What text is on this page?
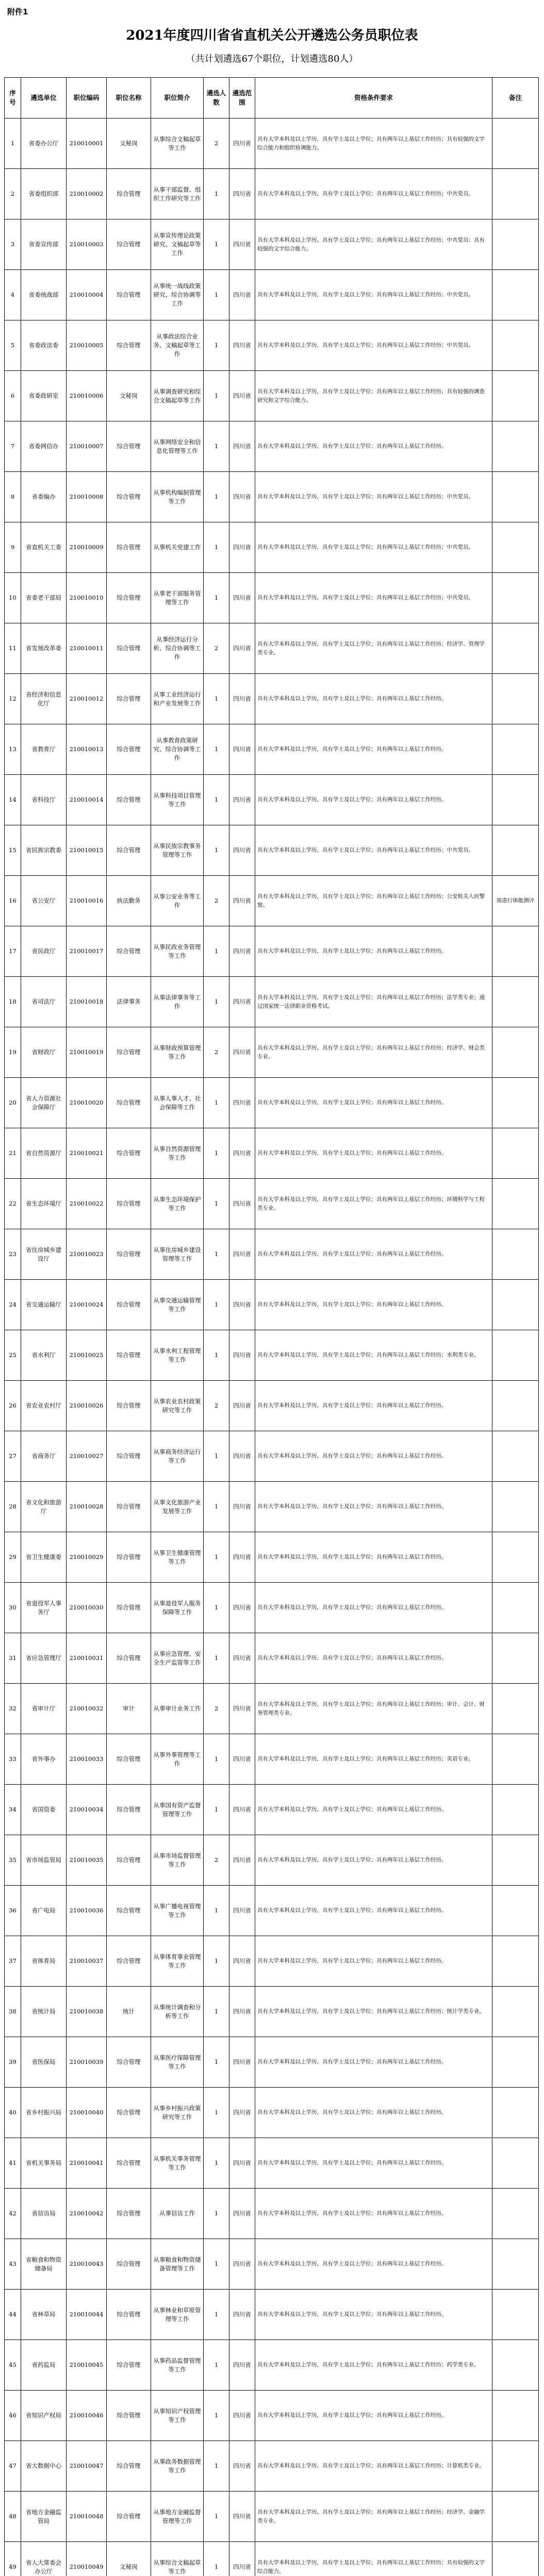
附件1
2021年度四川省省直机关公开遴选公务员职位表
（共计划遴选67个职位，计划遴选80人）
序号	遴选单位	职位编码	职位名称	职位简介	遴选人数	遴选范围	资格条件要求	备注
1	省委办公厅	210010001	文秘岗	从事综合文稿起草等工作	2	四川省	具有大学本科及以上学历，具有学士及以上学位；具有两年以上基层工作经历；具有较强的文字综合能力和组织协调能力。	
2	省委组织部	210010002	综合管理	从事干部监督、组织工作研究等工作	1	四川省	具有大学本科及以上学历，具有学士及以上学位；具有两年以上基层工作经历；中共党员。	
3	省委宣传部	210010003	综合管理	从事宣传理论政策研究、文稿起草等工作	1	四川省	具有大学本科及以上学历，具有学士及以上学位；具有两年以上基层工作经历；中共党员；具有较强的文字综合能力。	
4	省委统战部	210010004	综合管理	从事统一战线政策研究、综合协调等工作	1	四川省	具有大学本科及以上学历，具有学士及以上学位；具有两年以上基层工作经历；中共党员。	
5	省委政法委	210010005	综合管理	从事政法综合业务、文稿起草等工作	1	四川省	具有大学本科及以上学历，具有学士及以上学位；具有两年以上基层工作经历；中共党员。	
6	省委政研室	210010006	文秘岗	从事调查研究和综合文稿起草等工作	1	四川省	具有大学本科及以上学历，具有学士及以上学位；具有两年以上基层工作经历；具有较强的调查研究和文字综合能力。	
7	省委网信办	210010007	综合管理	从事网络安全和信息化管理等工作	1	四川省	具有大学本科及以上学历，具有学士及以上学位；具有两年以上基层工作经历。	
8	省委编办	210010008	综合管理	从事机构编制管理等工作	1	四川省	具有大学本科及以上学历，具有学士及以上学位；具有两年以上基层工作经历；中共党员。	
9	省直机关工委	210010009	综合管理	从事机关党建工作	1	四川省	具有大学本科及以上学历，具有学士及以上学位；具有两年以上基层工作经历；中共党员。	
10	省委老干部局	210010010	综合管理	从事老干部服务管理等工作	1	四川省	具有大学本科及以上学历，具有学士及以上学位；具有两年以上基层工作经历；中共党员。	
11	省发展改革委	210010011	综合管理	从事经济运行分析、综合协调等工作	2	四川省	具有大学本科及以上学历，具有学士及以上学位；具有两年以上基层工作经历；经济学、管理学类专业。	
12	省经济和信息化厅	210010012	综合管理	从事工业经济运行和产业发展等工作	1	四川省	具有大学本科及以上学历，具有学士及以上学位；具有两年以上基层工作经历。	
13	省教育厅	210010013	综合管理	从事教育政策研究、综合协调等工作	1	四川省	具有大学本科及以上学历，具有学士及以上学位；具有两年以上基层工作经历。	
14	省科技厅	210010014	综合管理	从事科技项目管理等工作	1	四川省	具有大学本科及以上学历，具有学士及以上学位；具有两年以上基层工作经历。	
15	省民族宗教委	210010015	综合管理	从事民族宗教事务管理等工作	1	四川省	具有大学本科及以上学历，具有学士及以上学位；具有两年以上基层工作经历；中共党员。	
16	省公安厅	210010016	执法勤务	从事公安业务等工作	2	四川省	具有大学本科及以上学历，具有学士及以上学位；具有两年以上基层工作经历；公安机关人民警察。	需进行体能测评
17	省民政厅	210010017	综合管理	从事民政业务管理等工作	1	四川省	具有大学本科及以上学历，具有学士及以上学位；具有两年以上基层工作经历。	
18	省司法厅	210010018	法律事务	从事法律事务等工作	1	四川省	具有大学本科及以上学历，具有学士及以上学位；具有两年以上基层工作经历；法学类专业；通过国家统一法律职业资格考试。	
19	省财政厅	210010019	综合管理	从事财政预算管理等工作	2	四川省	具有大学本科及以上学历，具有学士及以上学位；具有两年以上基层工作经历；经济学、财会类专业。	
20	省人力资源社会保障厅	210010020	综合管理	从事人事人才、社会保障等工作	1	四川省	具有大学本科及以上学历，具有学士及以上学位；具有两年以上基层工作经历。	
21	省自然资源厅	210010021	综合管理	从事自然资源管理等工作	1	四川省	具有大学本科及以上学历，具有学士及以上学位；具有两年以上基层工作经历。	
22	省生态环境厅	210010022	综合管理	从事生态环境保护等工作	1	四川省	具有大学本科及以上学历，具有学士及以上学位；具有两年以上基层工作经历；环境科学与工程类专业。	
23	省住房城乡建设厅	210010023	综合管理	从事住房城乡建设管理等工作	1	四川省	具有大学本科及以上学历，具有学士及以上学位；具有两年以上基层工作经历。	
24	省交通运输厅	210010024	综合管理	从事交通运输管理等工作	1	四川省	具有大学本科及以上学历，具有学士及以上学位；具有两年以上基层工作经历。	
25	省水利厅	210010025	综合管理	从事水利工程管理等工作	1	四川省	具有大学本科及以上学历，具有学士及以上学位；具有两年以上基层工作经历；水利类专业。	
26	省农业农村厅	210010026	综合管理	从事农业农村政策研究等工作	2	四川省	具有大学本科及以上学历，具有学士及以上学位；具有两年以上基层工作经历。	
27	省商务厅	210010027	综合管理	从事商务经济运行等工作	1	四川省	具有大学本科及以上学历，具有学士及以上学位；具有两年以上基层工作经历。	
28	省文化和旅游厅	210010028	综合管理	从事文化旅游产业发展等工作	1	四川省	具有大学本科及以上学历，具有学士及以上学位；具有两年以上基层工作经历。	
29	省卫生健康委	210010029	综合管理	从事卫生健康管理等工作	1	四川省	具有大学本科及以上学历，具有学士及以上学位；具有两年以上基层工作经历。	
30	省退役军人事务厅	210010030	综合管理	从事退役军人服务保障等工作	1	四川省	具有大学本科及以上学历，具有学士及以上学位；具有两年以上基层工作经历。	
31	省应急管理厅	210010031	综合管理	从事应急管理、安全生产监管等工作	1	四川省	具有大学本科及以上学历，具有学士及以上学位；具有两年以上基层工作经历。	
32	省审计厅	210010032	审计	从事审计业务工作	2	四川省	具有大学本科及以上学历，具有学士及以上学位；具有两年以上基层工作经历；审计、会计、财务管理类专业。	
33	省外事办	210010033	综合管理	从事外事管理等工作	1	四川省	具有大学本科及以上学历，具有学士及以上学位；具有两年以上基层工作经历；英语专业。	
34	省国资委	210010034	综合管理	从事国有资产监督管理等工作	1	四川省	具有大学本科及以上学历，具有学士及以上学位；具有两年以上基层工作经历。	
35	省市场监管局	210010035	综合管理	从事市场监督管理等工作	2	四川省	具有大学本科及以上学历，具有学士及以上学位；具有两年以上基层工作经历。	
36	省广电局	210010036	综合管理	从事广播电视管理等工作	1	四川省	具有大学本科及以上学历，具有学士及以上学位；具有两年以上基层工作经历。	
37	省体育局	210010037	综合管理	从事体育事业管理等工作	1	四川省	具有大学本科及以上学历，具有学士及以上学位；具有两年以上基层工作经历。	
38	省统计局	210010038	统计	从事统计调查和分析等工作	1	四川省	具有大学本科及以上学历，具有学士及以上学位；具有两年以上基层工作经历；统计学类专业。	
39	省医保局	210010039	综合管理	从事医疗保障管理等工作	1	四川省	具有大学本科及以上学历，具有学士及以上学位；具有两年以上基层工作经历。	
40	省乡村振兴局	210010040	综合管理	从事乡村振兴政策研究等工作	1	四川省	具有大学本科及以上学历，具有学士及以上学位；具有两年以上基层工作经历。	
41	省机关事务局	210010041	综合管理	从事机关事务管理等工作	1	四川省	具有大学本科及以上学历，具有学士及以上学位；具有两年以上基层工作经历。	
42	省信访局	210010042	综合管理	从事信访工作	1	四川省	具有大学本科及以上学历，具有学士及以上学位；具有两年以上基层工作经历。	
43	省粮食和物资储备局	210010043	综合管理	从事粮食和物资储备管理等工作	1	四川省	具有大学本科及以上学历，具有学士及以上学位；具有两年以上基层工作经历。	
44	省林草局	210010044	综合管理	从事林业和草原管理等工作	1	四川省	具有大学本科及以上学历，具有学士及以上学位；具有两年以上基层工作经历。	
45	省药监局	210010045	综合管理	从事药品监督管理等工作	1	四川省	具有大学本科及以上学历，具有学士及以上学位；具有两年以上基层工作经历；药学类专业。	
46	省知识产权局	210010046	综合管理	从事知识产权管理等工作	1	四川省	具有大学本科及以上学历，具有学士及以上学位；具有两年以上基层工作经历。	
47	省大数据中心	210010047	综合管理	从事政务数据管理等工作	1	四川省	具有大学本科及以上学历，具有学士及以上学位；具有两年以上基层工作经历；计算机类专业。	
48	省地方金融监管局	210010048	综合管理	从事地方金融监督管理等工作	1	四川省	具有大学本科及以上学历，具有学士及以上学位；具有两年以上基层工作经历；经济学、金融学类专业。	
49	省人大常委会办公厅	210010049	文秘岗	从事综合文稿起草等工作	1	四川省	具有大学本科及以上学历，具有学士及以上学位；具有两年以上基层工作经历；具有较强的文字综合能力。	
